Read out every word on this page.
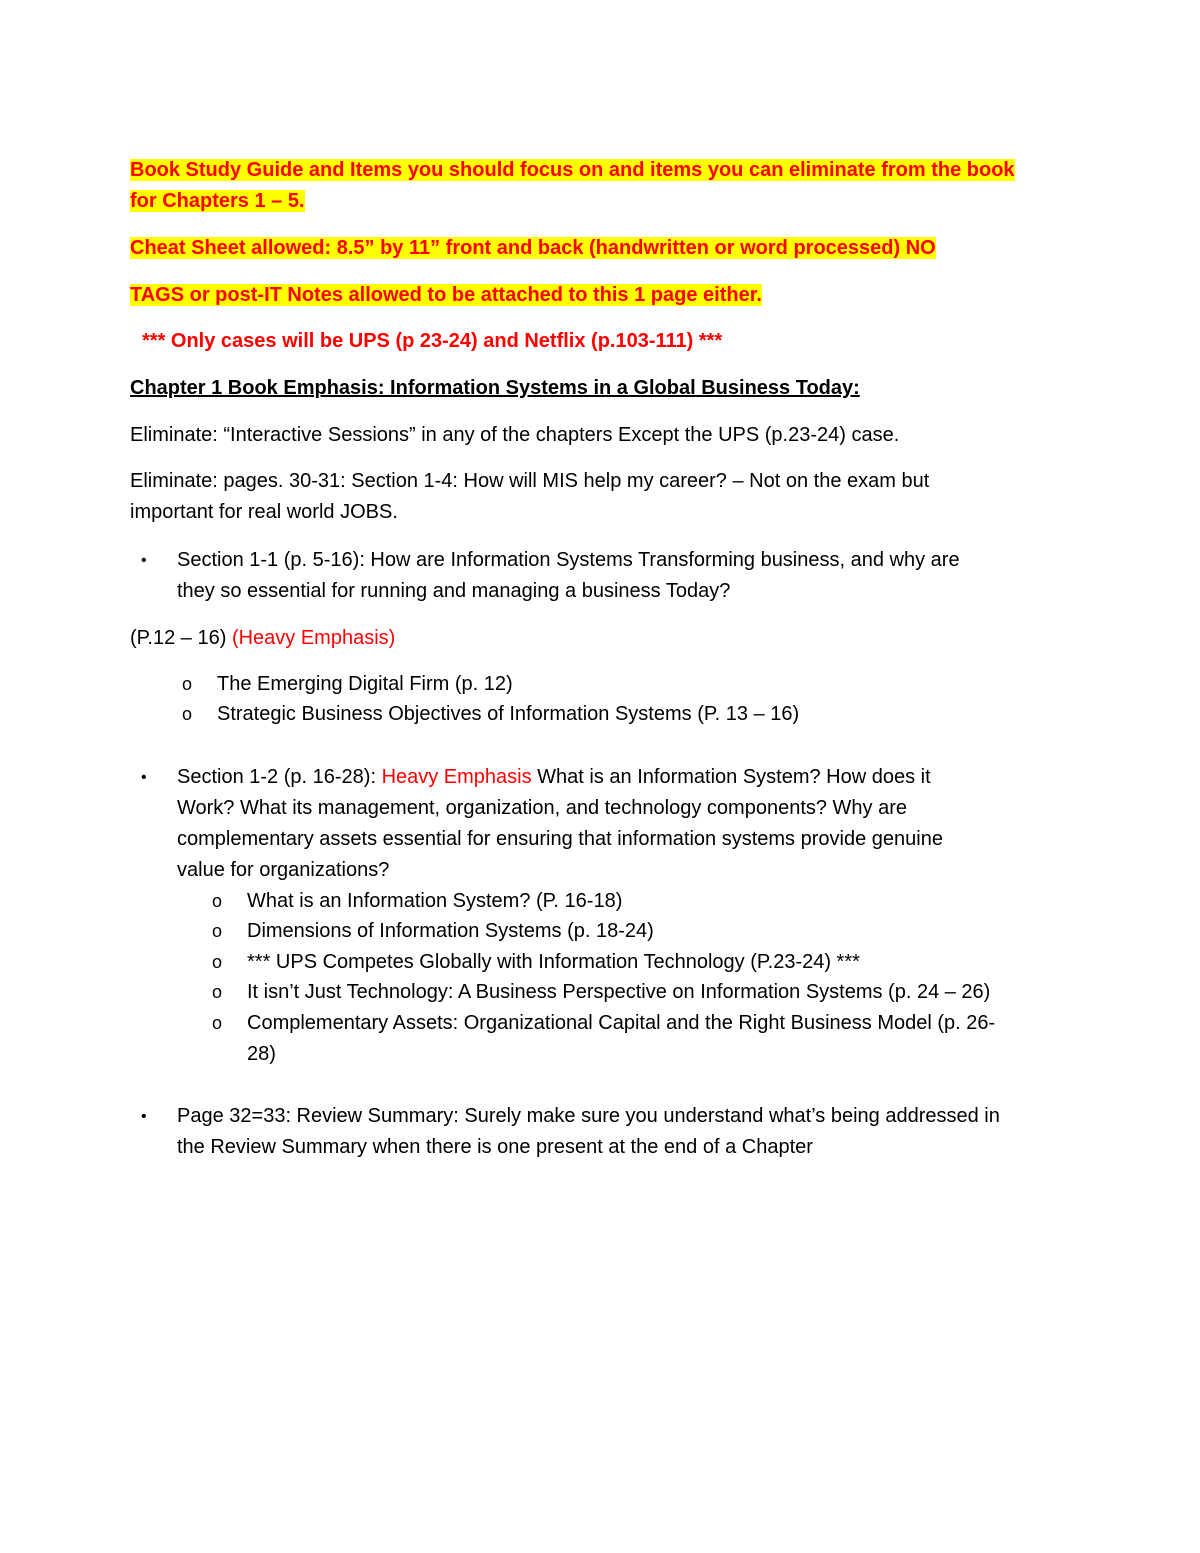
Book Study Guide and Items you should focus on and items you can eliminate from the book

for Chapters 1 – 5.

Cheat Sheet allowed: 8.5” by 11” front and back (handwritten or word processed) NO

TAGS or post-IT Notes allowed to be attached to this 1 page either.

*** Only cases will be UPS (p 23-24) and Netflix (p.103-111) ***

Chapter 1 Book Emphasis: Information Systems in a Global Business Today:

Eliminate: “Interactive Sessions” in any of the chapters Except the UPS (p.23-24) case.

Eliminate: pages. 30-31: Section 1-4: How will MIS help my career? – Not on the exam but

important for real world JOBS.

• Section 1-1 (p. 5-16): How are Information Systems Transforming business, and why are

they so essential for running and managing a business Today?

(P.12 – 16) (Heavy Emphasis)

o The Emerging Digital Firm (p. 12)

o Strategic Business Objectives of Information Systems (P. 13 – 16)

• Section 1-2 (p. 16-28): Heavy Emphasis What is an Information System? How does it

Work? What its management, organization, and technology components? Why are

complementary assets essential for ensuring that information systems provide genuine

value for organizations?

o What is an Information System? (P. 16-18)

o Dimensions of Information Systems (p. 18-24)

o *** UPS Competes Globally with Information Technology (P.23-24) ***

o It isn’t Just Technology: A Business Perspective on Information Systems (p. 24 – 26)

o Complementary Assets: Organizational Capital and the Right Business Model (p. 26-

28)

• Page 32=33: Review Summary: Surely make sure you understand what’s being addressed in

the Review Summary when there is one present at the end of a Chapter
